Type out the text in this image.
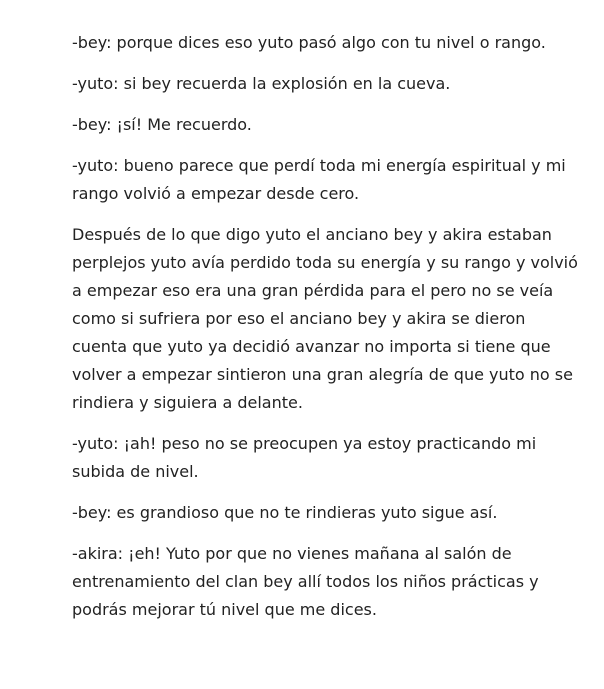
-bey: porque dices eso yuto pasó algo con tu nivel o rango.

-yuto: si bey recuerda la explosión en la cueva.

-bey: ¡sí! Me recuerdo.

-yuto: bueno parece que perdí toda mi energía espiritual y mi rango volvió a empezar desde cero.

Después de lo que digo yuto el anciano bey y akira estaban perplejos yuto avía perdido toda su energía y su rango y volvió a empezar eso era una gran pérdida para el pero no se veía como si sufriera por eso el anciano bey y akira se dieron cuenta que yuto ya decidió avanzar no importa si tiene que volver a empezar sintieron una gran alegría de que yuto no se rindiera y siguiera a delante.

-yuto: ¡ah! peso no se preocupen ya estoy practicando mi subida de nivel.

-bey: es grandioso que no te rindieras yuto sigue así.

-akira: ¡eh! Yuto por que no vienes mañana al salón de entrenamiento del clan bey allí todos los niños prácticas y podrás mejorar tú nivel que me dices.
